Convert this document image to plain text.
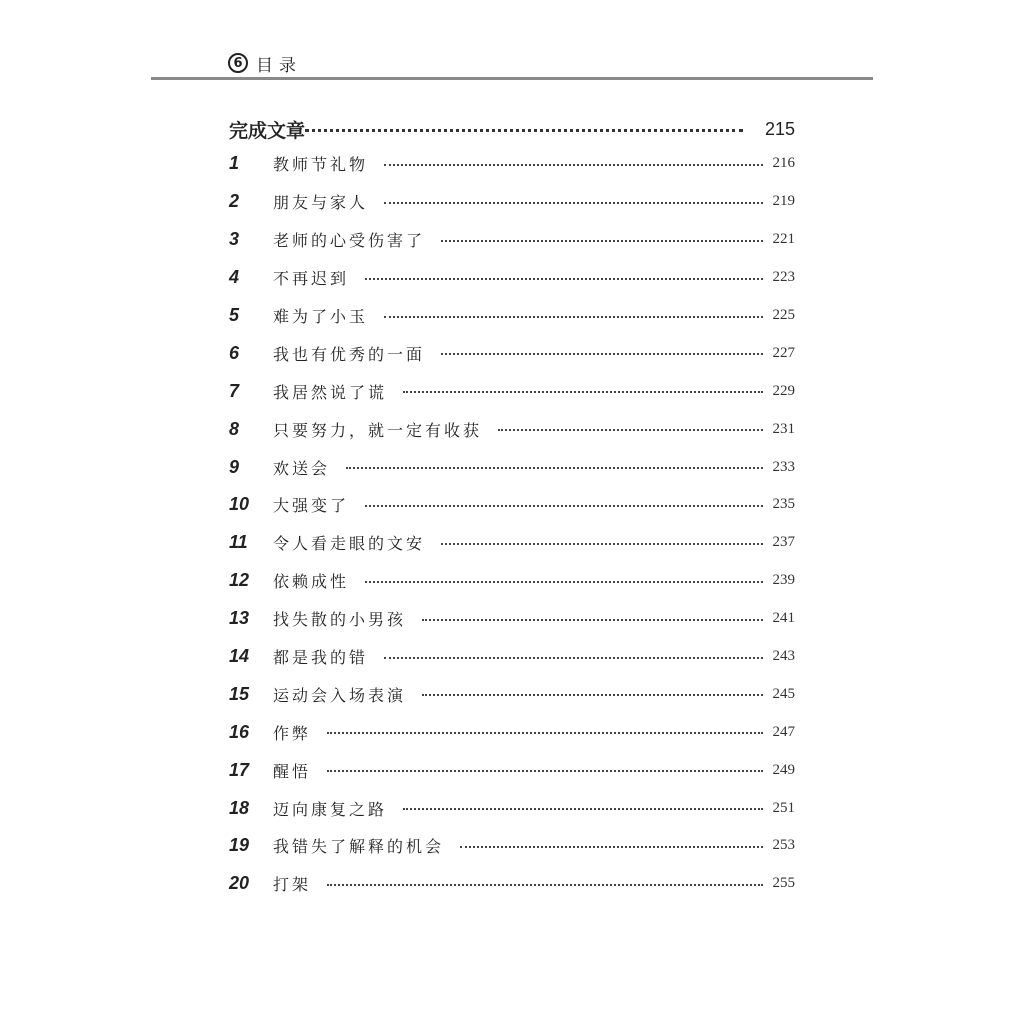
6 目录
完成文章	215
1	教师节礼物	216
2	朋友与家人	219
3	老师的心受伤害了	221
4	不再迟到	223
5	难为了小玉	225
6	我也有优秀的一面	227
7	我居然说了谎	229
8	只要努力，就一定有收获	231
9	欢送会	233
10	大强变了	235
11	令人看走眼的文安	237
12	依赖成性	239
13	找失散的小男孩	241
14	都是我的错	243
15	运动会入场表演	245
16	作弊	247
17	醒悟	249
18	迈向康复之路	251
19	我错失了解释的机会	253
20	打架	255
